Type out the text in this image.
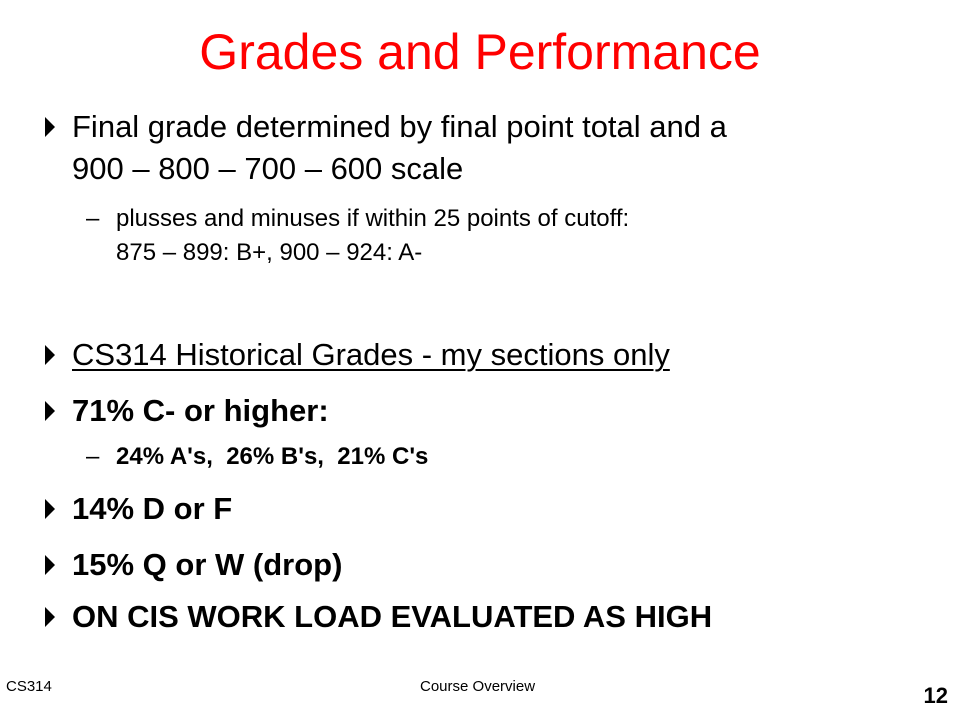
Grades and Performance
Final grade determined by final point total and a
900 – 800 – 700 – 600 scale
– plusses and minuses if within 25 points of cutoff:
875 – 899: B+, 900 – 924: A-
CS314 Historical Grades - my sections only
71% C- or higher:
– 24% A's,  26% B's,  21% C's
14% D or F
15% Q or W (drop)
ON CIS WORK LOAD EVALUATED AS HIGH
CS314	Course Overview	12
